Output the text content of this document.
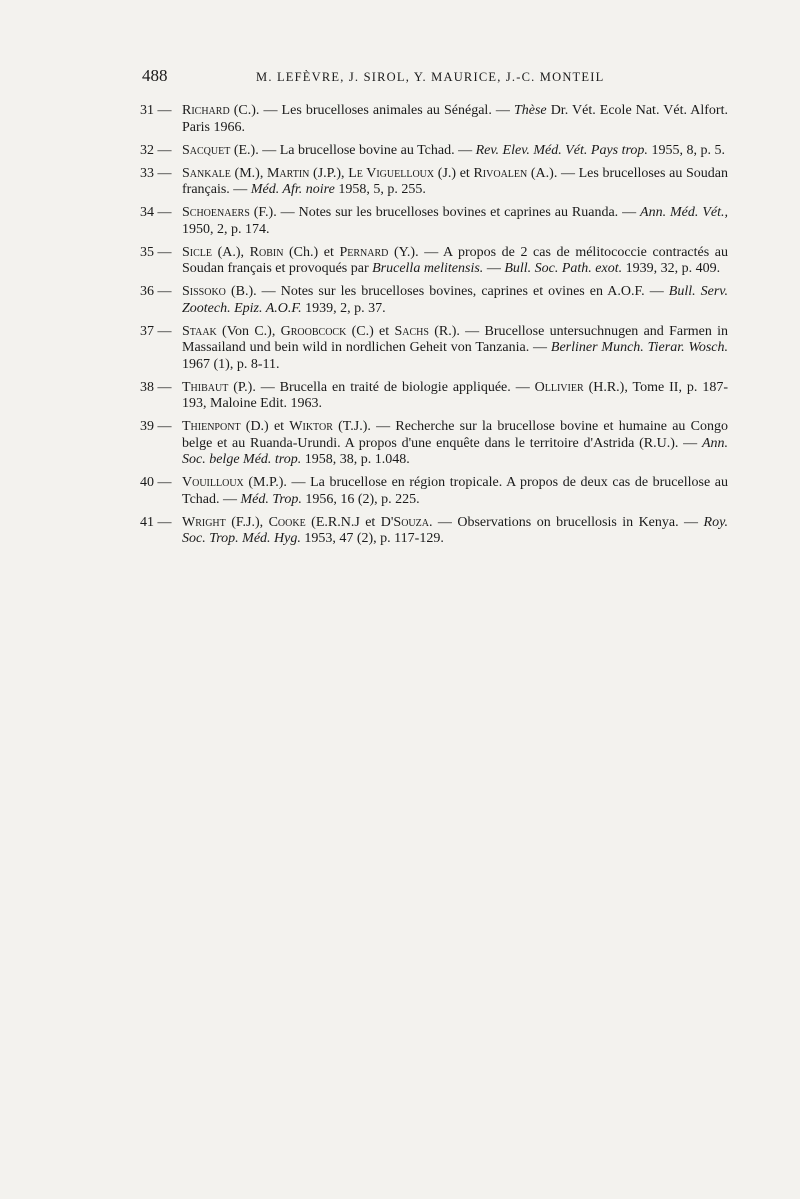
488	M. LEFÈVRE, J. SIROL, Y. MAURICE, J.-C. MONTEIL
31 — Richard (C.). — Les brucelloses animales au Sénégal. — Thèse Dr. Vét. Ecole Nat. Vét. Alfort. Paris 1966.
32 — Sacquet (E.). — La brucellose bovine au Tchad. — Rev. Elev. Méd. Vét. Pays trop. 1955, 8, p. 5.
33 — Sankale (M.), Martin (J.P.), Le Viguelloux (J.) et Rivoalen (A.). — Les brucelloses au Soudan français. — Méd. Afr. noire 1958, 5, p. 255.
34 — Schoenaers (F.). — Notes sur les brucelloses bovines et caprines au Ruanda. — Ann. Méd. Vét., 1950, 2, p. 174.
35 — Sicle (A.), Robin (Ch.) et Pernard (Y.). — A propos de 2 cas de mélitococcie contractés au Soudan français et provoqués par Brucella melitensis. — Bull. Soc. Path. exot. 1939, 32, p. 409.
36 — Sissoko (B.). — Notes sur les brucelloses bovines, caprines et ovines en A.O.F. — Bull. Serv. Zootech. Epiz. A.O.F. 1939, 2, p. 37.
37 — Staak (Von C.), Groobcock (C.) et Sachs (R.). — Brucellose untersuchnugen and Farmen in Massailand und bein wild in nordlichen Geheit von Tanzania. — Berliner Munch. Tierar. Wosch. 1967 (1), p. 8-11.
38 — Thibaut (P.). — Brucella en traité de biologie appliquée. — Ollivier (H.R.), Tome II, p. 187-193, Maloine Edit. 1963.
39 — Thienpont (D.) et Wiktor (T.J.). — Recherche sur la brucellose bovine et humaine au Congo belge et au Ruanda-Urundi. A propos d'une enquête dans le territoire d'Astrida (R.U.). — Ann. Soc. belge Méd. trop. 1958, 38, p. 1.048.
40 — Vouilloux (M.P.). — La brucellose en région tropicale. A propos de deux cas de brucellose au Tchad. — Méd. Trop. 1956, 16 (2), p. 225.
41 — Wright (F.J.), Cooke (E.R.N.J et D'Souza. — Observations on brucellosis in Kenya. — Roy. Soc. Trop. Méd. Hyg. 1953, 47 (2), p. 117-129.
